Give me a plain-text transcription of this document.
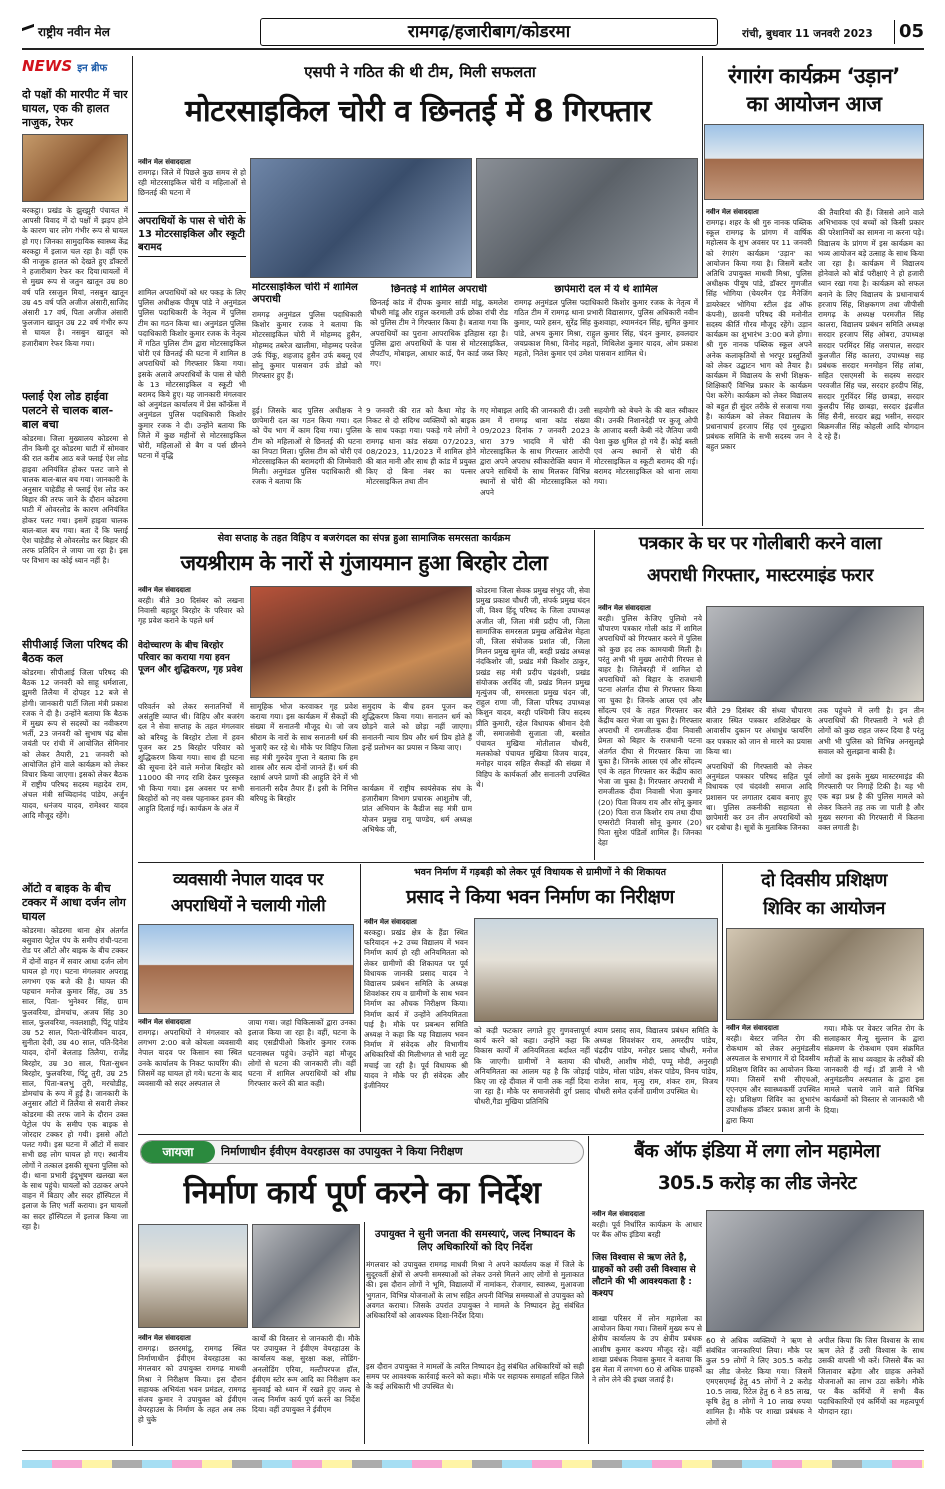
राष्ट्रीय नवीन मेल	रामगढ़/हजारीबाग/कोडरमा	रांची, बुधवार 11 जनवरी 2023	05
NEWS इन ब्रीफ
दो पक्षों की मारपीट में चार घायल, एक की हालत नाजुक, रेफर
बरकट्ठा। प्रखंड के झुरझुरी पंचायत में आपसी विवाद में दो पक्षों में झड़प होने के कारण चार लोग गंभीर रूप से घायल हो गए। जिनका सामुदायिक स्वास्थ्य केंद्र बरकट्ठा में इलाज चल रहा है। वहीं एक की नाजुक हालत को देखते हुए डॉक्टरों ने हजारीबाग रेफर कर दिया।घायलों में से मुख्य रूप से जतुन खातून उम्र 80 वर्ष पति रसजुल मियां, नसबुन खातून उम्र 45 वर्ष पति अजीज अंसारी,साजिद अंसारी 17 वर्ष, पिता अजीज अंसारी फुलजान खातून उम्र 22 वर्ष गंभीर रूप से घायल है। नसबुन खातून को हजारीबाग रेफर किया गया।
फ्लाई ऐश लोड हाईवा पलटने से चालक बाल-बाल बचा
कोडरमा। जिला मुख्यालय कोडरमा से तीन किमी दूर कोडरमा घाटी में सोमवार की रात करीब आठ बजे फ्लाई ऐश लोड हाइवा अनियंत्रित होकर पलट जाने से चालक बाल-बाल बच गया। जानकारी के अनुसार चाहेडीह से फ्लाई ऐश लोड कर बिहार की तरफ जाने के दौरान कोडरमा घाटी में ओवरलोड के कारण अनियंत्रित होकर पलट गया। इसमें हाइवा चालक बाल-बाल बच गया। बता दें कि फ्लाई ऐश चाहेडीह से ओवरलोड कर बिहार की तरफ प्रतिदिन ले जाया जा रहा है। इस पर विभाग का कोई ध्यान नहीं है।
सीपीआई जिला परिषद की बैठक कल
कोडरमा। सीपीआई जिला परिषद की बैठक 12 जनवरी को साहू धर्मशाला, झुमरी तिलैया में दोपहर 12 बजे से होगी। जानकारी पार्टी जिला मंत्री प्रकाश रजक ने दी है। उन्होंने बताया कि बैठक में मुख्य रूप से सदस्यों का नवीकरण भर्ती, 23 जनवरी को सुभाष चंद्र बोस जयंती पर रांची में आयोजित सेमिनार को लेकर तैयारी, 21 जनवरी को आयोजित होने वाले कार्यक्रम को लेकर विचार किया जाएगा। इसको लेकर बैठक में राष्ट्रीय परिषद सदस्य महादेव राम, अंचल मंत्री सच्चिदानंद पांडेय, अर्जुन यादव, धनंजय यादव, रामेश्वर यादव आदि मौजूद रहेंगे।
ऑटो व बाइक के बीच टक्कर में आधा दर्जन लोग घायल
कोडरमा। कोडरमा थाना क्षेत्र अंतर्गत बसुवारा पेट्रोल पंप के समीप रांची-पटना रोड पर ऑटो और बाइक के बीच टक्कर में दोनों वाहन में सवार आधा दर्जन लोग घायल हो गए। घटना मंगलवार अपराह्न लगभग एक बजे की है। घायल की पहचान मनोज कुमार सिंह, उम्र 35 साल, पिता- भुनेश्वर सिंह, ग्राम फुलवरिया, डोमचांच, अजय सिंह 30 साल, फुलवरिया, नवलशाही, पिंटू पांडेय उम्र 52 साल, पिता-चेरिजीवन यादव, सुनीता देवी, उम्र 40 साल, पति-दिनेश यादव, दोनों बेलताड़ तिलैया, राजेंद्र बिरहोर, उम्र 30 साल, पिता-सुधन बिरहोर, फुलवरिया, पिंटू तुरी, उम्र 25 साल, पिता-बलभु तुरी, मरचोडीह, डोमचांच के रूप में हुई है। जानकारी के अनुसार ऑटो में तिलैया से सवारी लेकर कोडरमा की तरफ जाने के दौरान उक्त पेट्रोल पंप के समीप एक बाइक से जोरदार टक्कर हो गयी। इससे ऑटो पलट गयी। इस घटना में ऑटो में सवार सभी छह लोग घायल हो गए। स्थानीय लोगों ने तत्काल इसकी सूचना पुलिस को दी। थाना प्रभारी इंदुभूषण खलखा बल के साथ पहुंचे। घायलों को उठाकर अपने वाहन में बिठाए और सदर हॉस्पिटल में इलाज के लिए भर्ती कराया। इन घायलों का सदर हॉस्पिटल में इलाज किया जा रहा है।
एसपी ने गठित की थी टीम, मिली सफलता
मोटरसाइकिल चोरी व छिनतई में 8 गिरफ्तार
नवीन मेल संवाददाता
रामगढ़। जिले में पिछले कुछ समय से हो रही मोटरसाइकिल चोरी व महिलाओं से छिनतई की घटना में
अपराधियों के पास से चोरी के 13 मोटरसाइकिल और स्कूटी बरामद
शामिल अपराधियों को धर पकड़ के लिए पुलिस अधीक्षक पीयूष पांडे ने अनुमंडल पुलिस पदाधिकारी के नेतृत्व में पुलिस टीम का गठन किया था। अनुमंडल पुलिस पदाधिकारी किशोर कुमार रजक के नेतृत्व में गठित पुलिस टीम द्वारा मोटरसाइकिल चोरी एवं छिनतई की घटना में शामिल 8 अपराधियों को गिरफ्तार किया गया। इसके अलावे अपराधियों के पास से चोरी के 13 मोटरसाइकिल व स्कूटी भी बरामद किये हुए। यह जानकारी मंगलवार को अनुमंडल कार्यालय में प्रेस कॉन्फ्रेंस में अनुमंडल पुलिस पदाधिकारी किशोर कुमार रजक ने दी। उन्होंने बताया कि जिले में कुछ महीनों से मोटरसाइकिल चोरी, महिलाओं से बैग व पर्स छीनने घटना में वृद्धि
मोटरसाइकिल चोरी में शामिल अपराधी
रामगढ़ अनुमंडल पुलिस पदाधिकारी किशोर कुमार रजक ने बताया कि मोटरसाइकिल चोरी में मोहम्मद हुसैन, मोहम्मद तबरेज खालीमा, मोहम्मद परवेज उर्फ पिंकू, शहजाद हुसैन उर्फ बबलू एवं सोनू कुमार पासवान उर्फ डोडो को गिरफ्तार हुए हैं।
छिनतई में शामिल अपराधी
छिनतई कांड में दीपक कुमार सांडी मांडू, कमलेश चौधरी मांडू और राहुल करमाली उर्फ छोका रांची रोड को पुलिस टीम ने गिरफ्तार किया है। बताया गया कि अपराधियों का पुराना आपराधिक इतिहास रहा है। पुलिस द्वारा अपराधियों के पास से मोटरसाइकिल, लैपटॉप, मोबाइल, आधार कार्ड, पैन कार्ड जब्त किए गए।
छापेमारी दल में ये थे शामिल
रामगढ़ अनुमंडल पुलिस पदाधिकारी किशोर कुमार रजक के नेतृत्व में गठित टीम में रामगढ़ थाना प्रभारी विद्यासागर, पुलिस अधिकारी नवीन कुमार, प्यारे हसन, सुरेंद्र सिंह कुशवाहा, श्यामनंदन सिंह, सुमित कुमार पांडे, अभय कुमार मिश्रा, राहुल कुमार सिंह, चंदन कुमार, हवलदार जयप्रकाश मिश्रा, विनोद महतो, मिथिलेश कुमार यादव, ओम प्रकाश महतो, नितेश कुमार एवं उमेश पासवान शामिल थे।
हुई। जिसके बाद पुलिस अधीक्षक ने छापेमारी दल का गठन किया गया। दल को पेंच भाग में काम दिया गया। पुलिस टीम को महिलाओं से छिनतई की घटना का निपटा मिला। पुलिस टीम को चोरी एवं मोटरसाइकिल की बरामदगी की जिम्मेवारी मिली। अनुमंडल पुलिस पदाधिकारी श्री रजक ने बताया कि
9 जनवरी की रात को कैथा मोड़ के निकट से दो संदिग्ध व्यक्तियों को बाइक के साथ पकड़ा गया। पकड़े गये लोगों ने रामगढ़ थाना कांड संख्या 07/2023, 08/2023, 11/2023 में शामिल होने की बात मानी और साथ ही कांड में प्रयुक्त किए दो बिना नंबर का पल्सर मोटरसाइकिल तथा तीन
गए मोबाइल आदि की जानकारी दी। उसी क्रम में रामगढ़ थाना कांड संख्या 09/2023 दिनांक 7 जनवरी 2023 धारा 379 भादवि में चोरी की मोटरसाइकिल के साथ गिरफ्तार आरोपी द्वारा अपने अपराध स्वीकारोक्ति बयान में अपने साथियों के साथ मिलकर विभिन्न स्थानों से चोरी की मोटरसाइकिल को अपने
सहयोगी को बेचने के की बात स्वीकार की। उनकी निशानदेही पर कुजू ओपी के आजाद बस्ती केबी नंदे जैतिया जयी पेशा कुछ धुमिल हो गये हैं। कोई बस्ती एवं अन्य स्थानों से चोरी की मोटरसाइकिल व स्कूटी बरामद की गई। बरामद मोटरसाइकिल को थाना लाया गया।
रंगारंग कार्यक्रम ‘उड़ान’
का आयोजन आज
नवीन मेल संवाददाता
रामगढ़। शहर के श्री गुरु नानक पब्लिक स्कूल रामगढ़ के प्रांगण में वार्षिक महोत्सव के शुभ अवसर पर 11 जनवरी को रंगारंग कार्यक्रम 'उड़ान' का आयोजन किया गया है। जिसमें बतौर अतिथि उपायुक्त माधवी मिश्रा, पुलिस अधीक्षक पीयूष पांडे, डॉक्टर गुणजीत सिंह भोगिया (चेयरमैन एंड मैनेजिंग डायरेक्टर भोगिया स्टील इंड ऑफ कंपनी), छावनी परिषद की मनोनीत सदस्य कीर्ति गौरव मौजूद रहेंगे। उड़ान कार्यक्रम का शुभारंभ 3:00 बजे होगा। श्री गुरु नानक पब्लिक स्कूल अपने अनेक कलाकृतियों से भरपूर प्रस्तुतियों को लेकर उद्घाटन भाग को तैयार है। कार्यक्रम में विद्यालय के सभी शिक्षक-शिक्षिकाएँ विभिन्न प्रकार के कार्यक्रम पेश करेंगे। कार्यक्रम को लेकर विद्यालय को बहुत ही सुंदर तरीके से सजाया गया है। कार्यक्रम को लेकर विद्यालय के प्रधानाचार्य हरजाप सिंह एवं गुरुद्वारा प्रबंधक समिति के सभी सदस्य जन ने बहुत प्रकार
की तैयारियां की हैं। जिससे आने वाले अभिभावक एवं बच्चों को किसी प्रकार की परेशानियों का सामना ना करना पड़े। विद्यालय के प्रांगण में इस कार्यक्रम का भव्य आयोजन बड़े उत्साह के साथ किया जा रहा है। कार्यक्रम में विद्यालय होनेवाले को बोर्ड परीक्षाएं ने हो हजारी ध्यान रखा गया है। कार्यक्रम को सफल बनाने के लिए विद्यालय के प्रधानाचार्य हरजाप सिंह, शिक्षकगण तथा जीपीसी रामगढ़ के अध्यक्ष परमजीत सिंह कालरा, विद्यालय प्रबंधन समिति अध्यक्ष सरदार हरजाप सिंह ओबरा, उपाध्यक्ष सरदार परमिंदर सिंह जसपाल, सरदार कुलजीत सिंह कालरा, उपाध्यक्ष सह प्रबंधक सरदार मनमोहन सिंह लांबा, सहित एसएमसी के सदस्य सरदार परवजीत सिंह चन्न, सरदार हरदीप सिंह, सरदार गुरविंदर सिंह छाबड़ा, सरदार कुलदीप सिंह छाबड़ा, सरदार इंद्रजीत सिंह सैनी, सरदार ब्रह्म भसीन, सरदार बिक्रमजीत सिंह कोहली आदि योगदान दे रहे हैं।
सेवा सप्ताह के तहत विहिप व बजरंगदल का संपन्न हुआ सामाजिक समरसता कार्यक्रम
जयश्रीराम के नारों से गुंजायमान हुआ बिरहोर टोला
नवीन मेल संवाददाता
बरही। बीते 30 दिसंबर को लखना निवासी बहादुर बिरहोर के परिवार को गृह प्रवेश कराने के पहले धर्म
वेदोच्चारण के बीच बिरहोर परिवार का कराया गया हवन पूजन और शुद्धिकरण, गृह प्रवेश
परिवर्तन को लेकर सनातनियों में असंतुष्टि व्याप्त थी। विहिप और बजरंग दल ने सेवा सप्ताह के तहत मंगलवार को बरियट्ठ के बिरहोर टोला में हवन पूजन कर 25 बिरहोर परिवार को शुद्धिकरण किया गया। साथ ही घटना की सूचना देने वाले मनोज बिरहोर को 11000 की नगद राशि देकर पुरस्कृत भी किया गया। इस अवसर पर सभी बिरहोरों को नए वस्त्र पहनाकर हवन की आहुति दिलाई गई। कार्यक्रम के अंत में
सामूहिक भोज करवाकर गृह प्रवेश कराया गया। इस कार्यक्रम में सैकड़ों की संख्या में सनातनी मौजूद थे। जो जय श्रीराम के नारों के साथ सनातनी धर्म की भुजाएँ कर रहे थे। मौके पर विहिप जिला सह मंत्री गुरुदेव गुप्ता ने बताया कि हम शास्त्र और सत्य दोनों जानते हैं। धर्म की रक्षार्थ अपने प्राणों की आहुति देने में भी सनातनी सदैव तैयार हैं। इसी के निमित्त बरियट्ठ के बिरहोर
समुदाय के बीच हवन पूजन कर शुद्धिकरण किया गया। सनातन धर्म को छोड़ने वाले को छोड़ा नहीं जाएगा। सनातनी न्याय प्रिय और धर्म प्रिय होते हैं इन्हें प्रलोभन का प्रयास न किया जाए।
कार्यक्रम में राष्ट्रीय स्वयंसेवक संघ के हजारीबाग विभाग प्रचारक आशुतोष जी, प्रांत अभियान के कैडीज सह मंत्री ग्राम योजन प्रमुख रामू पाण्डेय, धर्म अध्यक्ष अभिषेक जी,
कोडरमा जिला सेवक प्रमुख संभुद जी, सेवा प्रमुख प्रकाश चौधरी जी, संपर्क प्रमुख चंदन जी, विश्व हिंदू परिषद के जिला उपाध्यक्ष अजीत जी, जिला मंत्री प्रदीप जी, जिला सामाजिक समरसता प्रमुख अखिलेश मेहता जी, जिला संयोजक प्रशांत जी, जिला मिलन प्रमुख सुमंत जी, बरही प्रखंड अध्यक्ष नंदकिशोर जी, प्रखंड मंत्री किशोर ठाकुर, प्रखंड सह मंत्री प्रदीप चंद्रवंशी, प्रखंड संयोजक अरविंद जी, प्रखंड मिलन प्रमुख मृत्युंजय जी, समरसता प्रमुख चंदन जी, राहुल राणा जी, जिला परिषद उपाध्यक्ष किशुन यादव, बरही पश्चिमी जिप सदस्य प्रीति कुमारी, रहेल विधायक श्रीमान देवी जी, समाजसेवी सुजाता जी, बरसोत पंचायत मुखिया मोतीलाल चौधरी, मलकोको पंचायत मुखिया विजय यादव, मनोहर यादव सहित सैकड़ों की संख्या में विहिप के कार्यकर्ता और सनातनी उपस्थित थे।
पत्रकार के घर पर गोलीबारी करने वाला
अपराधी गिरफ्तार, मास्टरमाइंड फरार
नवीन मेल संवाददाता
बरही। पुलिस केजिए पुलिवो नये चौपारण पत्रकार गोली कांड में शामिल अपराधियों को गिरफ्तार करने में पुलिस को कुछ हद तक कामयाबी मिली है। परंतु अभी भी मुख्य आरोपी गिरफ्त से बाहर है। जिलेबरही में शामिल दो अपराधियों को बिहार के राजधानी पटना अंतर्गत दीघा से गिरफ्तार किया जा चुका है। जिनके आम्र्स एवं और सोंदल्य एवं के तहत गिरफ्तार कर केंद्रीय कारा भेजा जा चुका है। गिरफ्तार अपराधी में रामजीतक दीवा निवासी प्रेमता को बिहार के राजधानी पटना अंतर्गत दीघा से गिरफ्तार किया जा चुका है। जिनके आम्र्स एवं और सोंदल्य एवं के तहत गिरफ्तार कर केंद्रीय कारा भेजा जा चुका है। गिरफ्तार अपराधी में रामजीतक दीवा निवासी भेजा कुमार (20) पिता विजय राय और सोनू कुमार (20) पिता राज किशोर राय तथा दीघा एम्सरोटी निवासी सोनू कुमार (20) पिता सुरेश पंडितों शामिल हैं। जिनका देहा
बीते 29 दिसंबर की संध्या चौपारण बाजार स्थित पत्रकार शशिशेखर के आवासीय दुकान पर अंधाधुंध फायरिंग कर पत्रकार को जान से मारने का प्रयास किया था।
अपराधियों की गिरफ्तारी को लेकर अनुमंडल पत्रकार परिषद सहित पूर्व विधायक एवं चंदवंशी समाज आदि प्रशासन पर लगातार दबाव बनाए हुए था। पुलिस तकनीकी सहायता से छापेमारी कर उन तीन अपराधियों को धर दबोचा है। सूत्रों के मुताबिक जिनका
तक पहुंचने में लगी है। इन तीन अपराधियों की गिरफ्तारी ने भले ही लोगों को कुछ राहत जरूर दिया है परंतु अभी भी पुलिस को विभिन्न अनसुलझे सवाल को सुलझाना बाकी है।
लोगों का इसके मुख्य मास्टरमाइंड की गिरफ्तारी पर निगाहें टिकी है। यह भी एक बड़ा प्रश्न है की पुलिस मामले को लेकर कितने तह तक जा पाती है और मुख्य सरगना की गिरफ्तारी में कितना वक्त लगाती है।
व्यवसायी नेपाल यादव पर
अपराधियों ने चलायी गोली
नवीन मेल संवाददाता
रामगढ़। अपराधियों ने मंगलवार को लगभग 2:00 बजे कोयला व्यवसायी नेपाल यादव पर किसान स्वा स्थित उनके कार्यालय के निकट फायरिंग की। जिसमें वह घायल हो गये। घटना के बाद व्यवसायी को सदर अस्पताल ले
जाया गया। जहां चिकित्सकों द्वारा उनका इलाज किया जा रहा है। वहीं, घटना के बाद एसडीपीओ किशोर कुमार रजक घटनास्थल पहुंचे। उन्होंने वहां मौजूद लोगों से घटना की जानकारी ली। वहीं घटना में शामिल अपराधियों को शीघ्र गिरफ्तार करने की बात कही।
भवन निर्माण में गड़बड़ी को लेकर पूर्व विधायक से ग्रामीणों ने की शिकायत
प्रसाद ने किया भवन निर्माण का निरीक्षण
नवीन मेल संवाददाता
बरकट्ठा। प्रखंड क्षेत्र के हैंडा स्थित फरियादन +2 उच्च विद्यालय में भवन निर्माण कार्य हो रही अनियमितता को लेकर ग्रामीणों की शिकायत पर पूर्व विधायक जानकी प्रसाद यादव ने विद्यालय प्रबंधन समिति के अध्यक्ष शिवशंकर राय व ग्रामीणों के साथ भवन निर्माण का औचक निरीक्षण किया। निर्माण कार्य में उन्होंने अनियमितता पाई है। मौके पर प्रबन्धन समिति अध्यक्ष ने कहा कि यह विद्यालय भवन निर्माण में संवेदक और विभागीय अधिकारियों की मिलीभगत से भारी लूट मचाई जा रही है। पूर्व विधायक श्री यादव ने मौके पर ही संवेदक और इंजीनियर
को कड़ी फटकार लगाते हुए गुणवत्तापूर्ण कार्य करने को कहा। उन्होंने कहा कि विकास कार्यों में अनियमितता बर्दाश्त नहीं कि जाएगी। ग्रामीणों ने बताया की अनियमितता का आलम यह है कि जोड़ाई किए जा रहे दीवाल में पानी तक नहीं दिया जा रहा है। मौके पर समाजसेवी दुर्ग प्रसाद चौधरी,गैडा मुखिया प्रतिनिधि
श्याम प्रसाद साव, विद्यालय प्रबंधन समिति के अध्यक्ष शिवशंकर राय, अमरदीप पांडेय, चंद्रदीप पांडेय, मनोहर प्रसाद चौधरी, मनोज चौधरी, आशीष मोदी, पप्पू मोदी, अनुराही पांडेय, मोला पांडेय, शंकर पांडेय, विनय पांडेय, राजेश साव, मृत्यु राम, शंकर राम, विजय चौधरी समेत दर्जनों ग्रामीण उपस्थित थे।
दो दिवसीय प्रशिक्षण
शिविर का आयोजन
नवीन मेल संवाददाता
बरही। बेस्टर जनित रोग की रोकथाम को लेकर अनुमंडलीय अस्पताल के सभागार में दो दिवसीय प्रशिक्षण शिविर का आयोजन किया गया। जिसमें सभी सीएचओ, एएनएम और स्वास्थ्यकर्मी उपस्थित रहे। प्रशिक्षण शिविर का शुभारंभ उपाधीक्षक डॉक्टर प्रकाश ज्ञानी के द्वारा किया
गया। मौके पर वेक्टर जनित रोग के सलाहकार मैत्यू सुल्तान के द्वारा संक्रमण के रोकथाम एवम संक्रमित मरीजों के साथ व्यवहार के तरीकों की जानकारी दी गई। डॉ ज्ञानी ने भी अनुमंडलीय अस्पताल के द्वारा इस मामले चलाये जाने वाले विभिन्न कार्यक्रमों को विस्तार से जानकारी भी दिया।
जायजा	निर्माणाधीन ईवीएम वेयरहाउस का उपायुक्त ने किया निरीक्षण
निर्माण कार्य पूर्ण करने का निर्देश
नवीन मेल संवाददाता
रामगढ़। छतरमांडू, रामगढ़ स्थित निर्माणाधीन ईवीएम वेयरहाउस का मंगलवार को उपायुक्त रामगढ़ माधवी मिश्रा ने निरीक्षण किया। इस दौरान सहायक अभियंता भवन प्रमंडल, रामगढ़ संजय कुमार ने उपायुक्त को ईवीएम वेयरहाउस के निर्माण के तहत अब तक हो चुके
कार्यों की विस्तार से जानकारी दी। मौके पर उपायुक्त ने ईवीएम वेयरहाउस के कार्यालय कक्ष, सुरक्षा कक्ष, लोडिंग-अनलोडिंग एरिया, मल्टीपरपज हॉल, ईवीएम स्टोर रूम आदि का निरीक्षण कर सुनवाई को ध्यान में रखते हुए जल्द से जल्द निर्माण कार्य पूर्ण करने का निर्देश दिया। वहीं उपायुक्त ने ईवीएम
उपायुक्त ने सुनी जनता की समस्याएं, जल्द निष्पादन के लिए अधिकारियों को दिए निर्देश
मंगलवार को उपायुक्त रामगढ़ माधवी मिश्रा ने अपने कार्यालय कक्ष में जिले के सुदूरवर्ती क्षेत्रों से अपनी समस्याओं को लेकर उनसे मिलने आए लोगों से मुलाकात की। इस दौरान लोगों ने भूमि, विद्यालयों में नामांकन, रोजगार, स्वास्थ्य, मुआवजा भुगतान, विभिन्न योजनाओं के लाभ सहित अपनी विभिन्न समस्याओं से उपायुक्त को अवगत कराया। जिसके उपरांत उपायुक्त ने मामले के निष्पादन हेतु संबंधित अधिकारियों को आवश्यक दिशा-निर्देश दिया।
इस दौरान उपायुक्त ने मामलों के त्वरित निष्पादन हेतु संबंधित अधिकारियों को सही समय पर आवश्यक कार्रवाई करने को कहा। मौके पर सहायक समाहर्ता सहित जिले के कई अधिकारी भी उपस्थित थे।
बैंक ऑफ इंडिया में लगा लोन महामेला
305.5 करोड़ का लीड जेनरेट
नवीन मेल संवाददाता
बरही। पूर्व निर्धारित कार्यक्रम के आधार पर बैंक ऑफ इंडिया बरही
जिस विश्वास से ऋण लेते है, ग्राहकों को उसी उसी विश्वास से लौटाने की भी आवश्यकता है : कश्यप
शाखा परिसर में लोन महामेला का आयोजन किया गया। जिसमें मुख्य रूप से क्षेत्रीय कार्यालय के उप क्षेत्रीय प्रबंधक आशीष कुमार कश्यप मौजूद रहे। वहीं शाखा प्रबंधक निवास कुमार ने बताया कि इस मेला में लगभग 60 से अधिक ग्राहकों ने लोन लेने की इच्छा जताई है।
60 से अधिक व्यक्तियों ने ऋण से संबंधित जानकारियां लिया। मौके पर कुल 59 लोगों ने लिए 305.5 करोड़ का लीड जेनरेट किया गया। जिसमें एमएसएमई हेतु 45 लोगों ने 2 करोड़ 10.5 लाख, रिटेल हेतु 6 ने 85 लाख, कृषि हेतु 8 लोगों ने 10 लाख रुपया शामिल है। मौके पर शाखा प्रबंधक ने लोगों से
अपील किया कि जिस विश्वास के साथ ऋण लेते हैं उसी विश्वास के साथ उसकी वापसी भी करें। जिससे बैंक का जिलावार बढ़ेगा और ग्राहक अनेकों योजनाओं का लाभ उठा सकेंगे। मौके पर बैंक कर्मियों में सभी बैंक पदाधिकारियों एवं कर्मियों का महत्वपूर्ण योगदान रहा।
